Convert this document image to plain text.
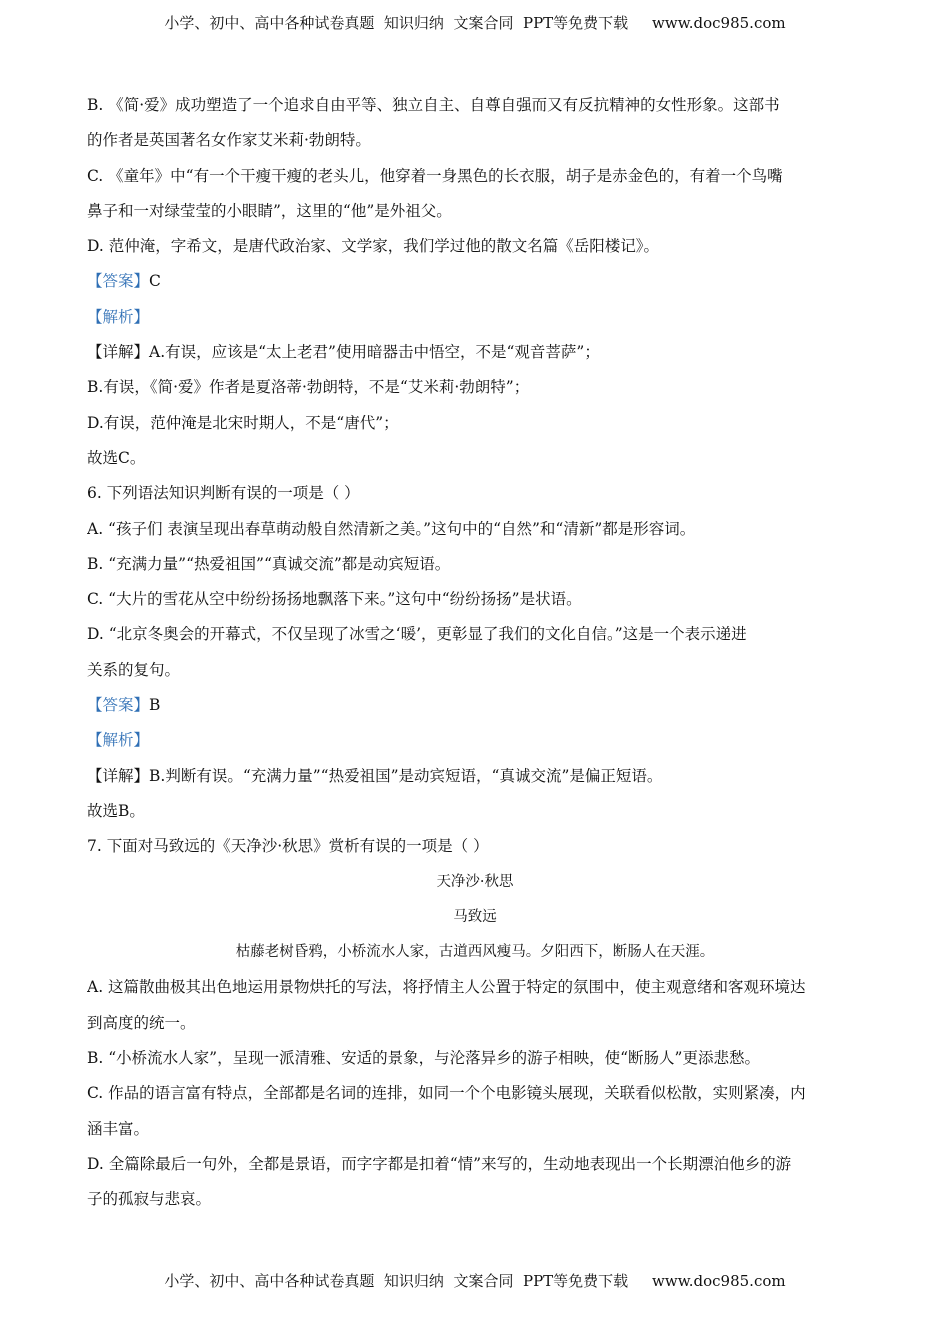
小学、初中、高中各种试卷真题  知识归纳  文案合同  PPT等免费下载     www.doc985.com
B. 《简·爱》成功塑造了一个追求自由平等、独立自主、自尊自强而又有反抗精神的女性形象。这部书
的作者是英国著名女作家艾米莉·勃朗特。
C. 《童年》中“有一个干瘦干瘦的老头儿，他穿着一身黑色的长衣服，胡子是赤金色的，有着一个鸟嘴
鼻子和一对绿莹莹的小眼睛”，这里的“他”是外祖父。
D. 范仲淹，字希文，是唐代政治家、文学家，我们学过他的散文名篇《岳阳楼记》。
【答案】C
【解析】
【详解】A.有误，应该是“太上老君”使用暗器击中悟空，不是“观音菩萨”；
B.有误，《简·爱》作者是夏洛蒂·勃朗特，不是“艾米莉·勃朗特”；
D.有误，范仲淹是北宋时期人，不是“唐代”；
故选C。
6. 下列语法知识判断有误的一项是（ ）
A. “孩子们 表演呈现出春草萌动般自然清新之美。”这句中的“自然”和“清新”都是形容词。
B. “充满力量”“热爱祖国”“真诚交流”都是动宾短语。
C. “大片的雪花从空中纷纷扬扬地飘落下来。”这句中“纷纷扬扬”是状语。
D. “北京冬奥会的开幕式，不仅呈现了冰雪之‘暖’，更彰显了我们的文化自信。”这是一个表示递进
关系的复句。
【答案】B
【解析】
【详解】B.判断有误。“充满力量”“热爱祖国”是动宾短语，“真诚交流”是偏正短语。
故选B。
7. 下面对马致远的《天净沙·秋思》赏析有误的一项是（ ）
天净沙·秋思
马致远
枯藤老树昏鸦，小桥流水人家，古道西风瘦马。夕阳西下，断肠人在天涯。
A. 这篇散曲极其出色地运用景物烘托的写法，将抒情主人公置于特定的氛围中，使主观意绪和客观环境达
到高度的统一。
B. “小桥流水人家”，呈现一派清雅、安适的景象，与沦落异乡的游子相映，使“断肠人”更添悲愁。
C. 作品的语言富有特点，全部都是名词的连排，如同一个个电影镜头展现，关联看似松散，实则紧凑，内
涵丰富。
D. 全篇除最后一句外，全都是景语，而字字都是扣着“情”来写的，生动地表现出一个长期漂泊他乡的游
子的孤寂与悲哀。
小学、初中、高中各种试卷真题  知识归纳  文案合同  PPT等免费下载     www.doc985.com
